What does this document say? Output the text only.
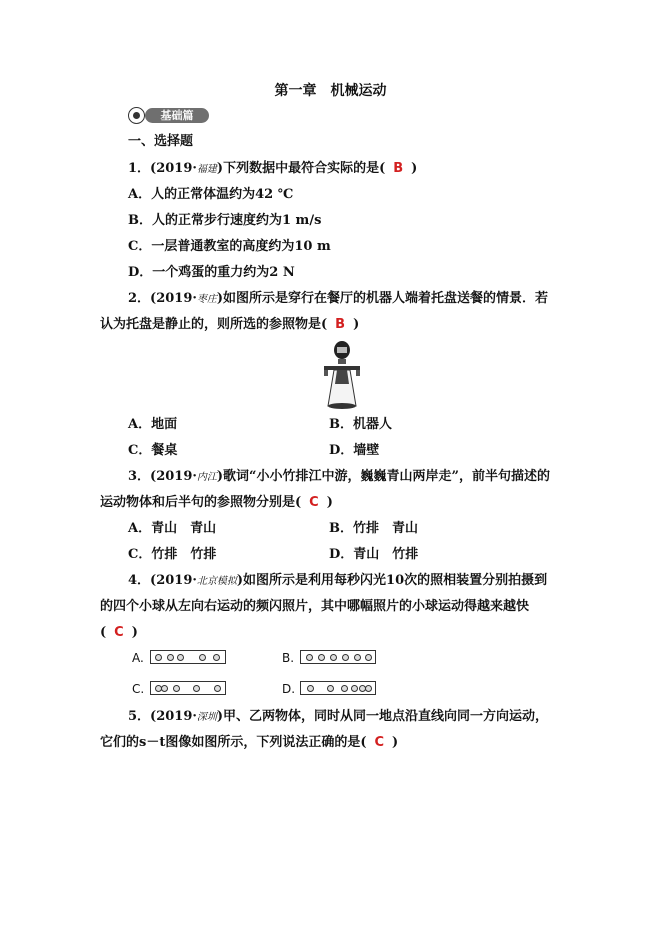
第一章　机械运动
基础篇
一、选择题
1．(2019·福建)下列数据中最符合实际的是( B )
A．人的正常体温约为42 ℃
B．人的正常步行速度约为1 m/s
C．一层普通教室的高度约为10 m
D．一个鸡蛋的重力约为2 N
2．(2019·枣庄)如图所示是穿行在餐厅的机器人端着托盘送餐的情景．若
认为托盘是静止的，则所选的参照物是( B )
A．地面	B．机器人
C．餐桌	D．墙壁
3．(2019·内江)歌词“小小竹排江中游，巍巍青山两岸走”，前半句描述的
运动物体和后半句的参照物分别是( C )
A．青山　青山	B．竹排　青山
C．竹排　竹排	D．青山　竹排
4．(2019·北京模拟)如图所示是利用每秒闪光10次的照相装置分别拍摄到
的四个小球从左向右运动的频闪照片，其中哪幅照片的小球运动得越来越快
( C )
A.	B.
C.	D.
5．(2019·深圳)甲、乙两物体，同时从同一地点沿直线向同一方向运动，
它们的s－t图像如图所示，下列说法正确的是( C )
